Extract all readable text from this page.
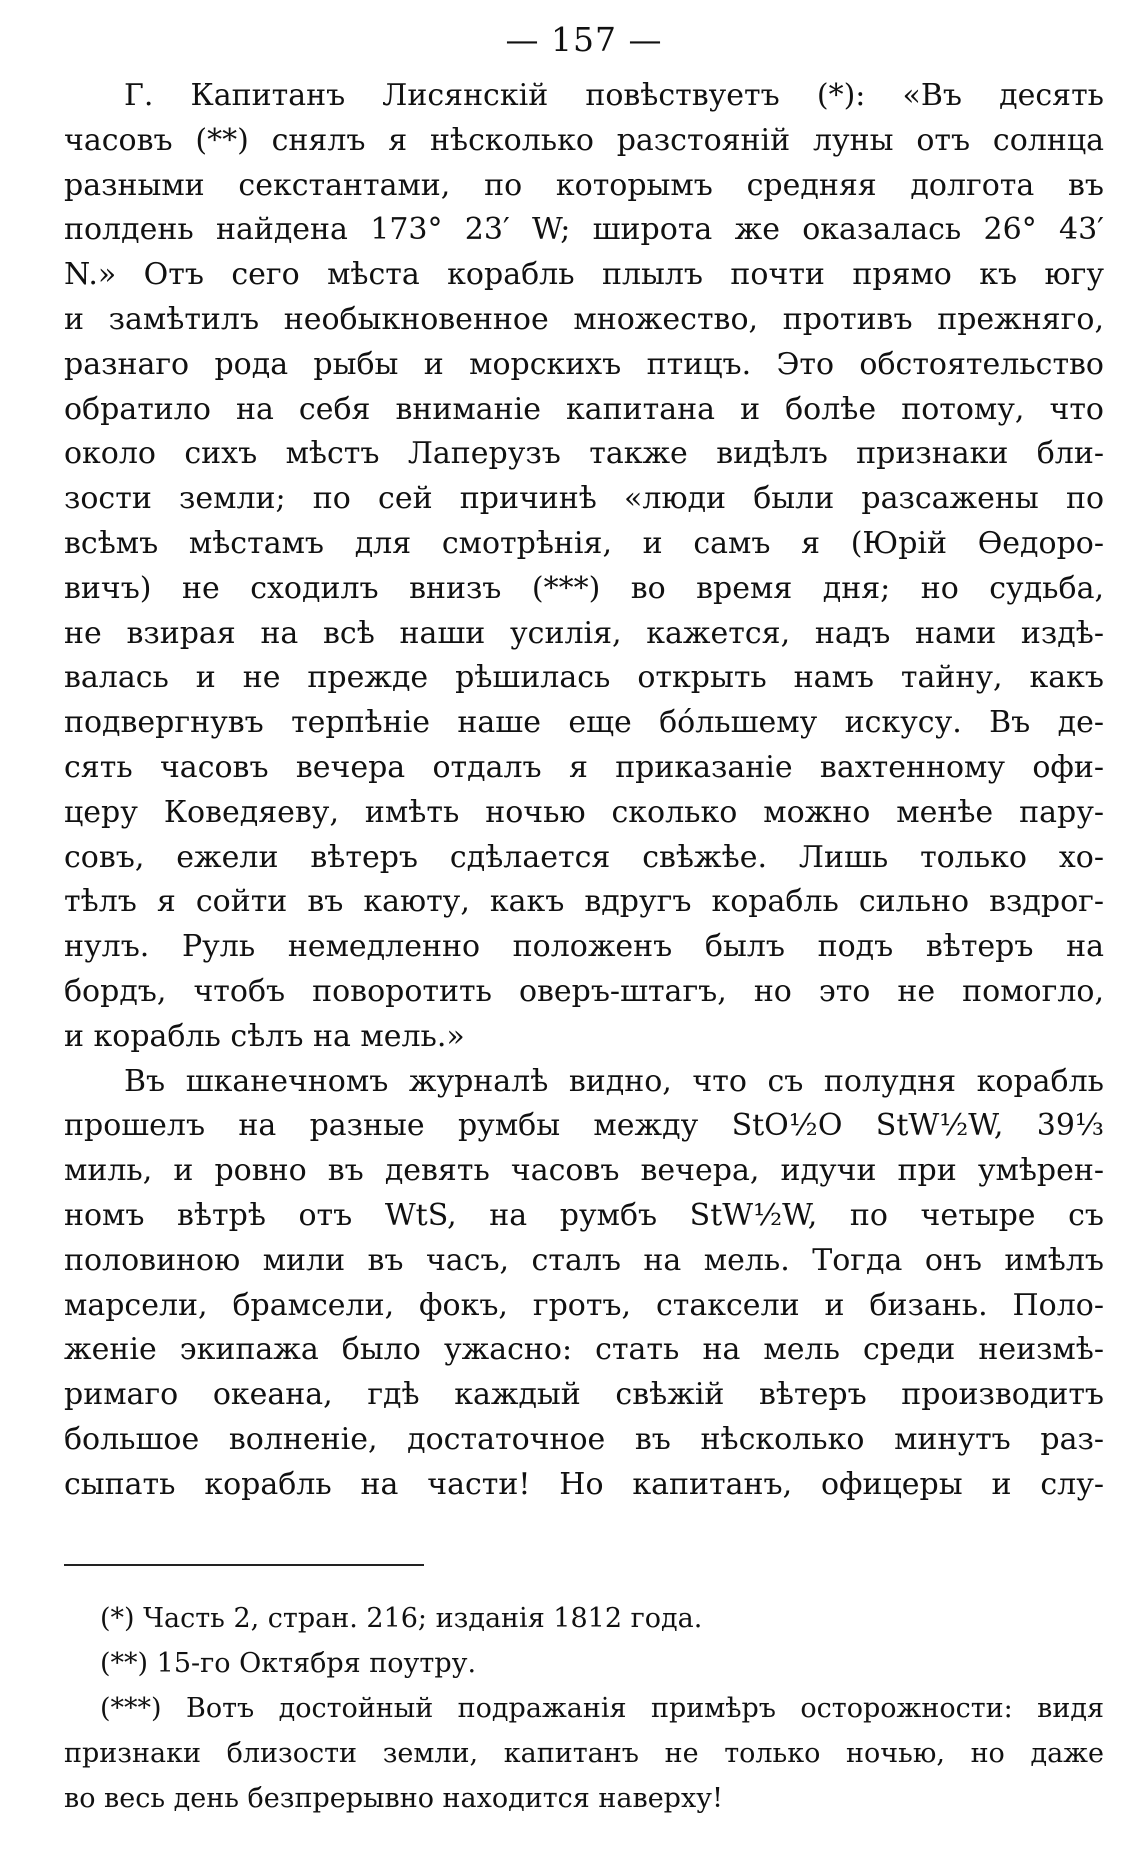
— 157 —
Г. Капитанъ Лисянскій повѣствуетъ (*): «Въ десять
часовъ (**) снялъ я нѣсколько разстояній луны отъ солнца
разными секстантами, по которымъ средняя долгота въ
полдень найдена 173° 23′ W; широта же оказалась 26° 43′
N.» Отъ сего мѣста корабль плылъ почти прямо къ югу
и замѣтилъ необыкновенное множество, противъ прежняго,
разнаго рода рыбы и морскихъ птицъ. Это обстоятельство
обратило на себя вниманіе капитана и болѣе потому, что
около сихъ мѣстъ Лаперузъ также видѣлъ признаки бли-
зости земли; по сей причинѣ «люди были разсажены по
всѣмъ мѣстамъ для смотрѣнія, и самъ я (Юрій Ѳедоро-
вичъ) не сходилъ внизъ (***) во время дня; но судьба,
не взирая на всѣ наши усилія, кажется, надъ нами издѣ-
валась и не прежде рѣшилась открыть намъ тайну, какъ
подвергнувъ терпѣніе наше еще бо́льшему искусу. Въ де-
сять часовъ вечера отдалъ я приказаніе вахтенному офи-
церу Коведяеву, имѣть ночью сколько можно менѣе пару-
совъ, ежели вѣтеръ сдѣлается свѣжѣе. Лишь только хо-
тѣлъ я сойти въ каюту, какъ вдругъ корабль сильно вздрог-
нулъ. Руль немедленно положенъ былъ подъ вѣтеръ на
бордъ, чтобъ поворотить оверъ-штагъ, но это не помогло,
и корабль сѣлъ на мель.»
Въ шканечномъ журналѣ видно, что съ полудня корабль
прошелъ на разные румбы между StO½O StW½W, 39⅓
миль, и ровно въ девять часовъ вечера, идучи при умѣрен-
номъ вѣтрѣ отъ WtS, на румбъ StW½W, по четыре съ
половиною мили въ часъ, сталъ на мель. Тогда онъ имѣлъ
марсели, брамсели, фокъ, гротъ, стаксели и бизань. Поло-
женіе экипажа было ужасно: стать на мель среди неизмѣ-
римаго океана, гдѣ каждый свѣжій вѣтеръ производитъ
большое волненіе, достаточное въ нѣсколько минутъ раз-
сыпать корабль на части! Но капитанъ, офицеры и слу-
(*) Часть 2, стран. 216; изданія 1812 года.
(**) 15-го Октября поутру.
(***) Вотъ достойный подражанія примѣръ осторожности: видя
признаки близости земли, капитанъ не только ночью, но даже
во весь день безпрерывно находится наверху!
